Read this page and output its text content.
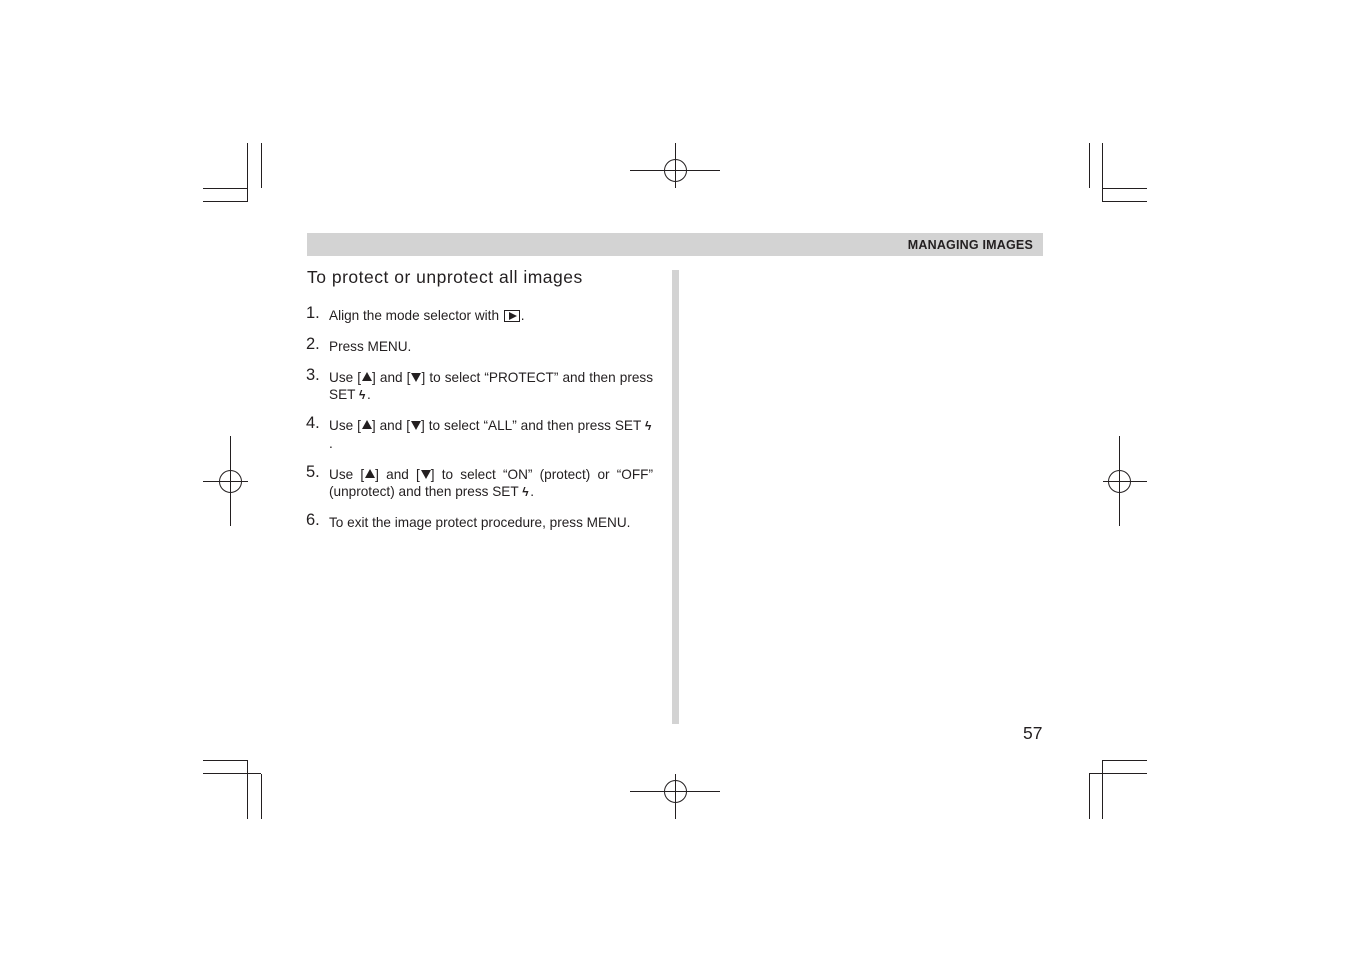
MANAGING IMAGES
To protect or unprotect all images
1. Align the mode selector with .
2. Press MENU.
3. Use [ ] and [ ] to select “PROTECT” and then press SET ϟ .
4. Use [ ] and [ ] to select “ALL” and then press SET ϟ.
5. Use [ ] and [ ] to select “ON” (protect) or “OFF” (unprotect) and then press SET ϟ .
6. To exit the image protect procedure, press MENU.
57
